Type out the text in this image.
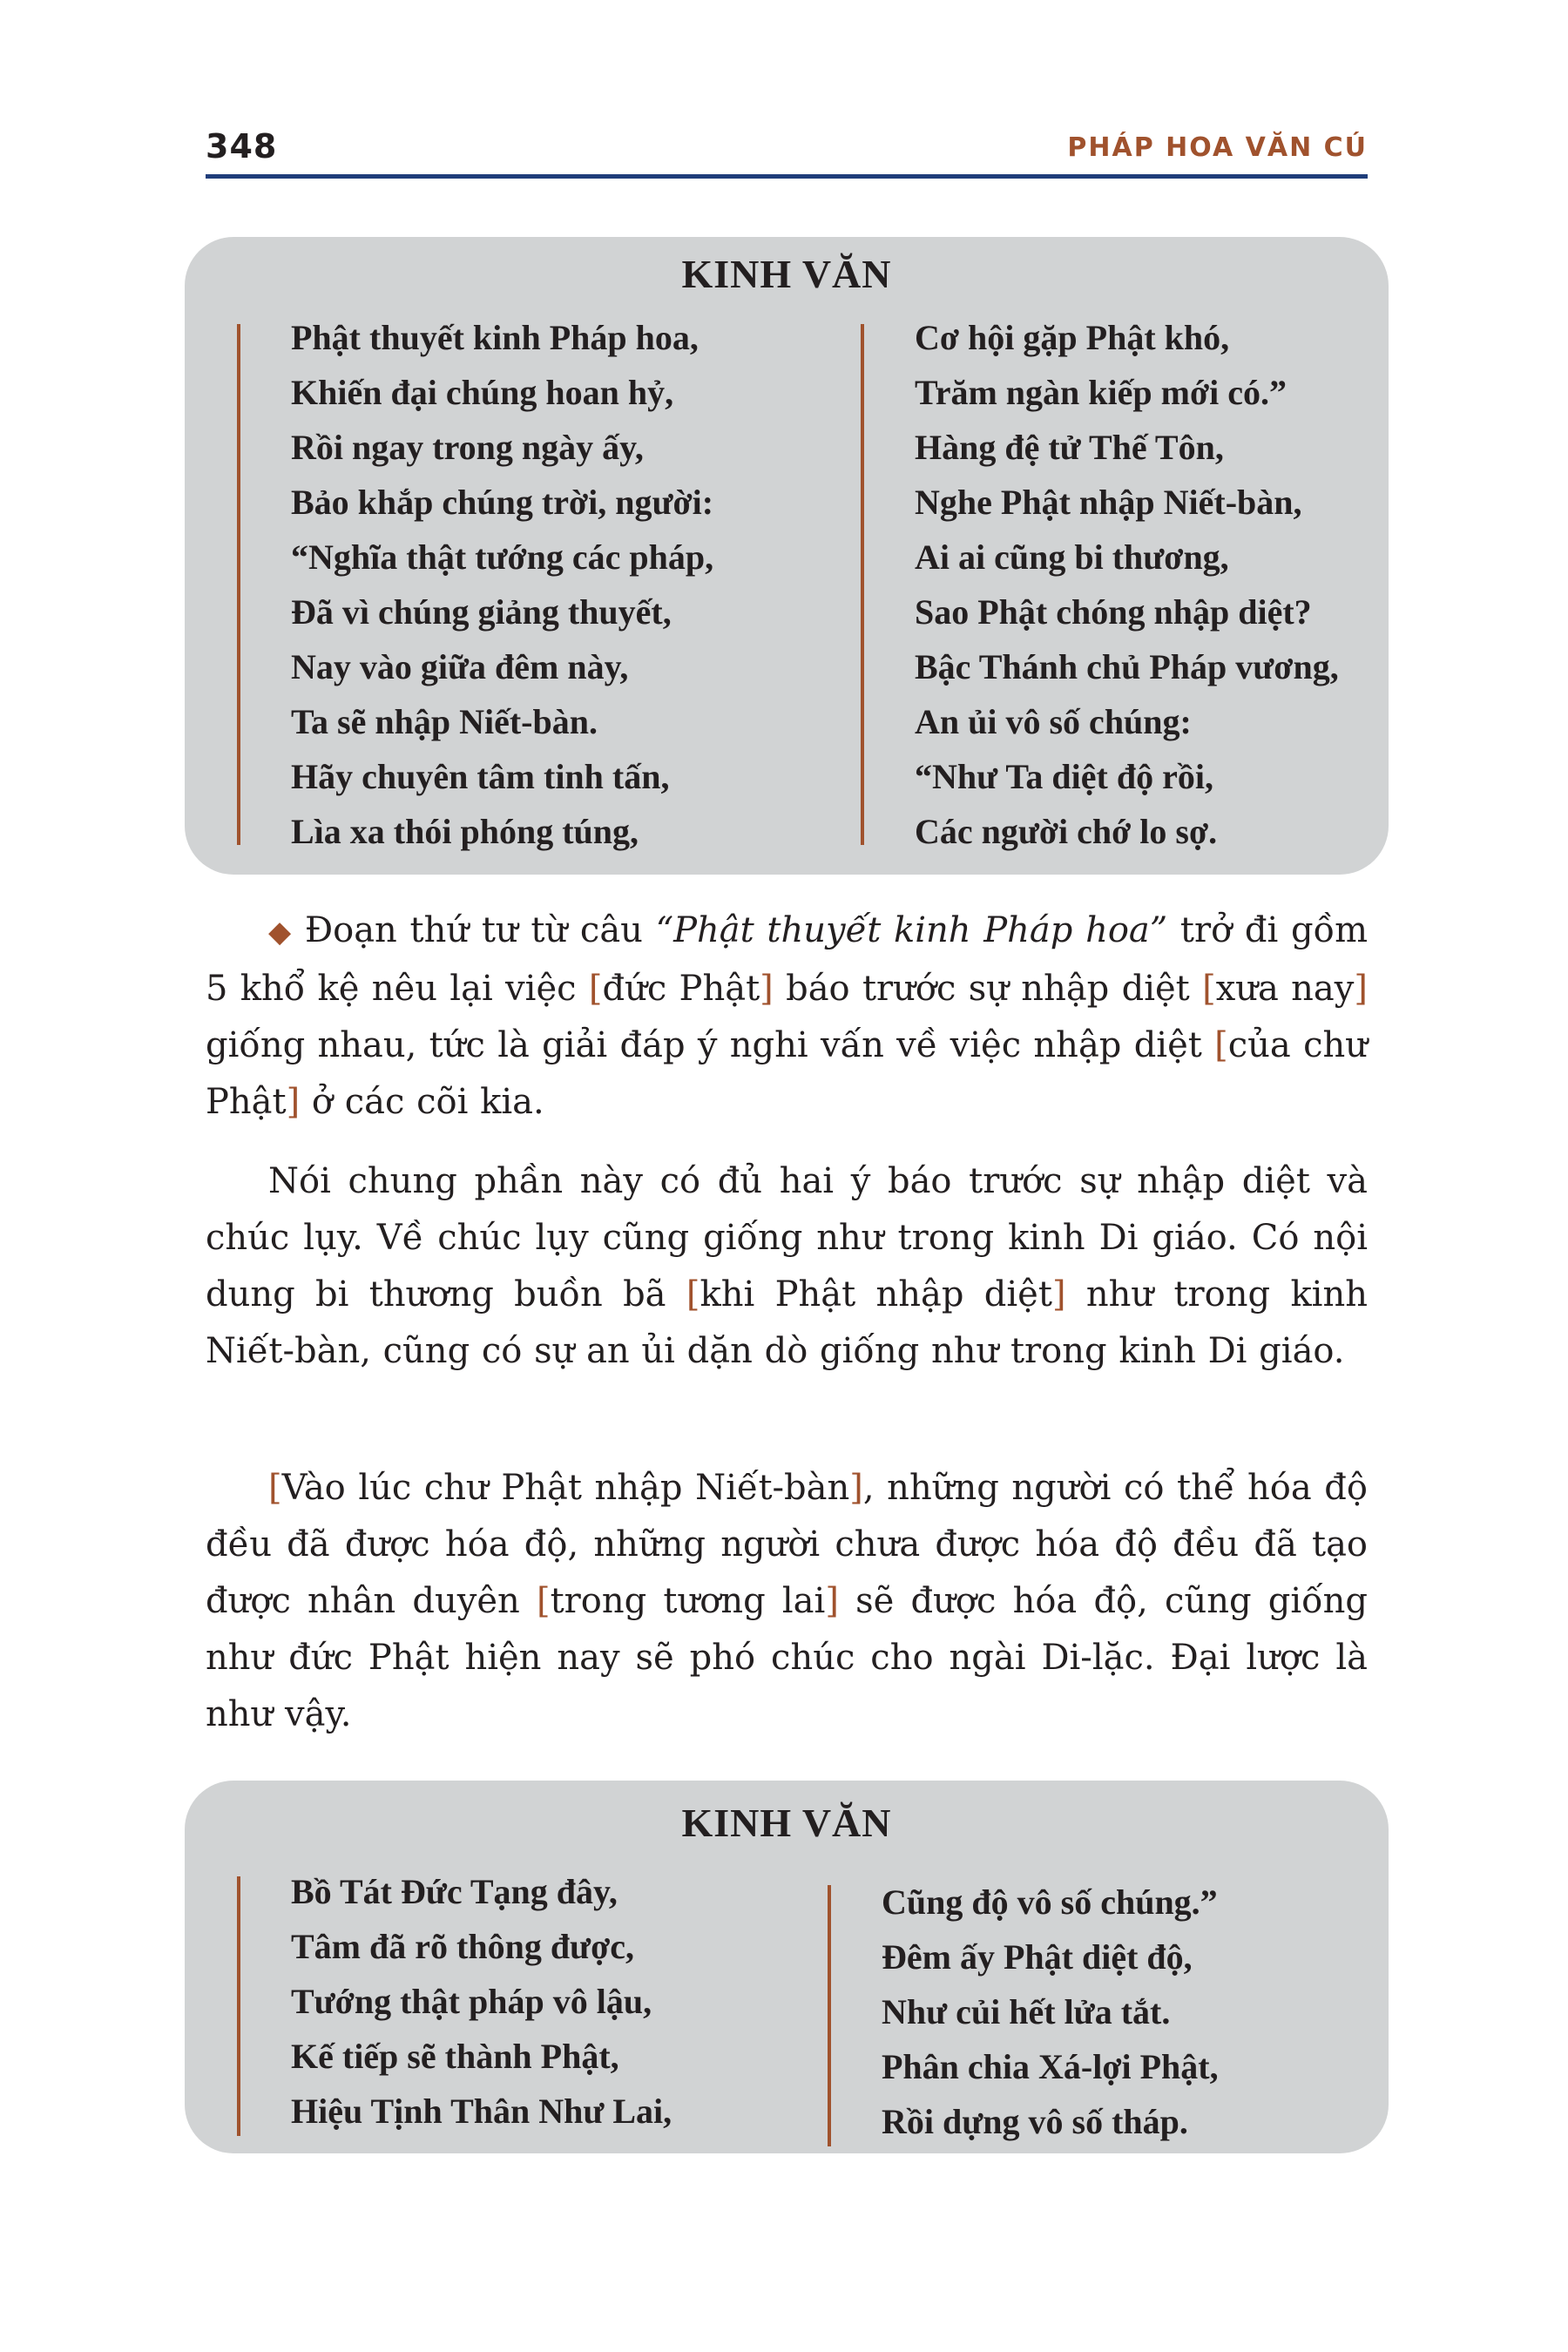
348	PHÁP HOA VĂN CÚ
KINH VĂN
Phật thuyết kinh Pháp hoa,
Khiến đại chúng hoan hỷ,
Rồi ngay trong ngày ấy,
Bảo khắp chúng trời, người:
“Nghĩa thật tướng các pháp,
Đã vì chúng giảng thuyết,
Nay vào giữa đêm này,
Ta sẽ nhập Niết-bàn.
Hãy chuyên tâm tinh tấn,
Lìa xa thói phóng túng,
Cơ hội gặp Phật khó,
Trăm ngàn kiếp mới có.”
Hàng đệ tử Thế Tôn,
Nghe Phật nhập Niết-bàn,
Ai ai cũng bi thương,
Sao Phật chóng nhập diệt?
Bậc Thánh chủ Pháp vương,
An ủi vô số chúng:
“Như Ta diệt độ rồi,
Các người chớ lo sợ.

◆ Đoạn thứ tư từ câu “Phật thuyết kinh Pháp hoa” trở đi gồm 5 khổ kệ nêu lại việc [đức Phật] báo trước sự nhập diệt [xưa nay] giống nhau, tức là giải đáp ý nghi vấn về việc nhập diệt [của chư Phật] ở các cõi kia.

Nói chung phần này có đủ hai ý báo trước sự nhập diệt và chúc lụy. Về chúc lụy cũng giống như trong kinh Di giáo. Có nội dung bi thương buồn bã [khi Phật nhập diệt] như trong kinh Niết-bàn, cũng có sự an ủi dặn dò giống như trong kinh Di giáo.

[Vào lúc chư Phật nhập Niết-bàn], những người có thể hóa độ đều đã được hóa độ, những người chưa được hóa độ đều đã tạo được nhân duyên [trong tương lai] sẽ được hóa độ, cũng giống như đức Phật hiện nay sẽ phó chúc cho ngài Di-lặc. Đại lược là như vậy.

KINH VĂN
Bồ Tát Đức Tạng đây,
Tâm đã rõ thông được,
Tướng thật pháp vô lậu,
Kế tiếp sẽ thành Phật,
Hiệu Tịnh Thân Như Lai,
Cũng độ vô số chúng.”
Đêm ấy Phật diệt độ,
Như củi hết lửa tắt.
Phân chia Xá-lợi Phật,
Rồi dựng vô số tháp.
